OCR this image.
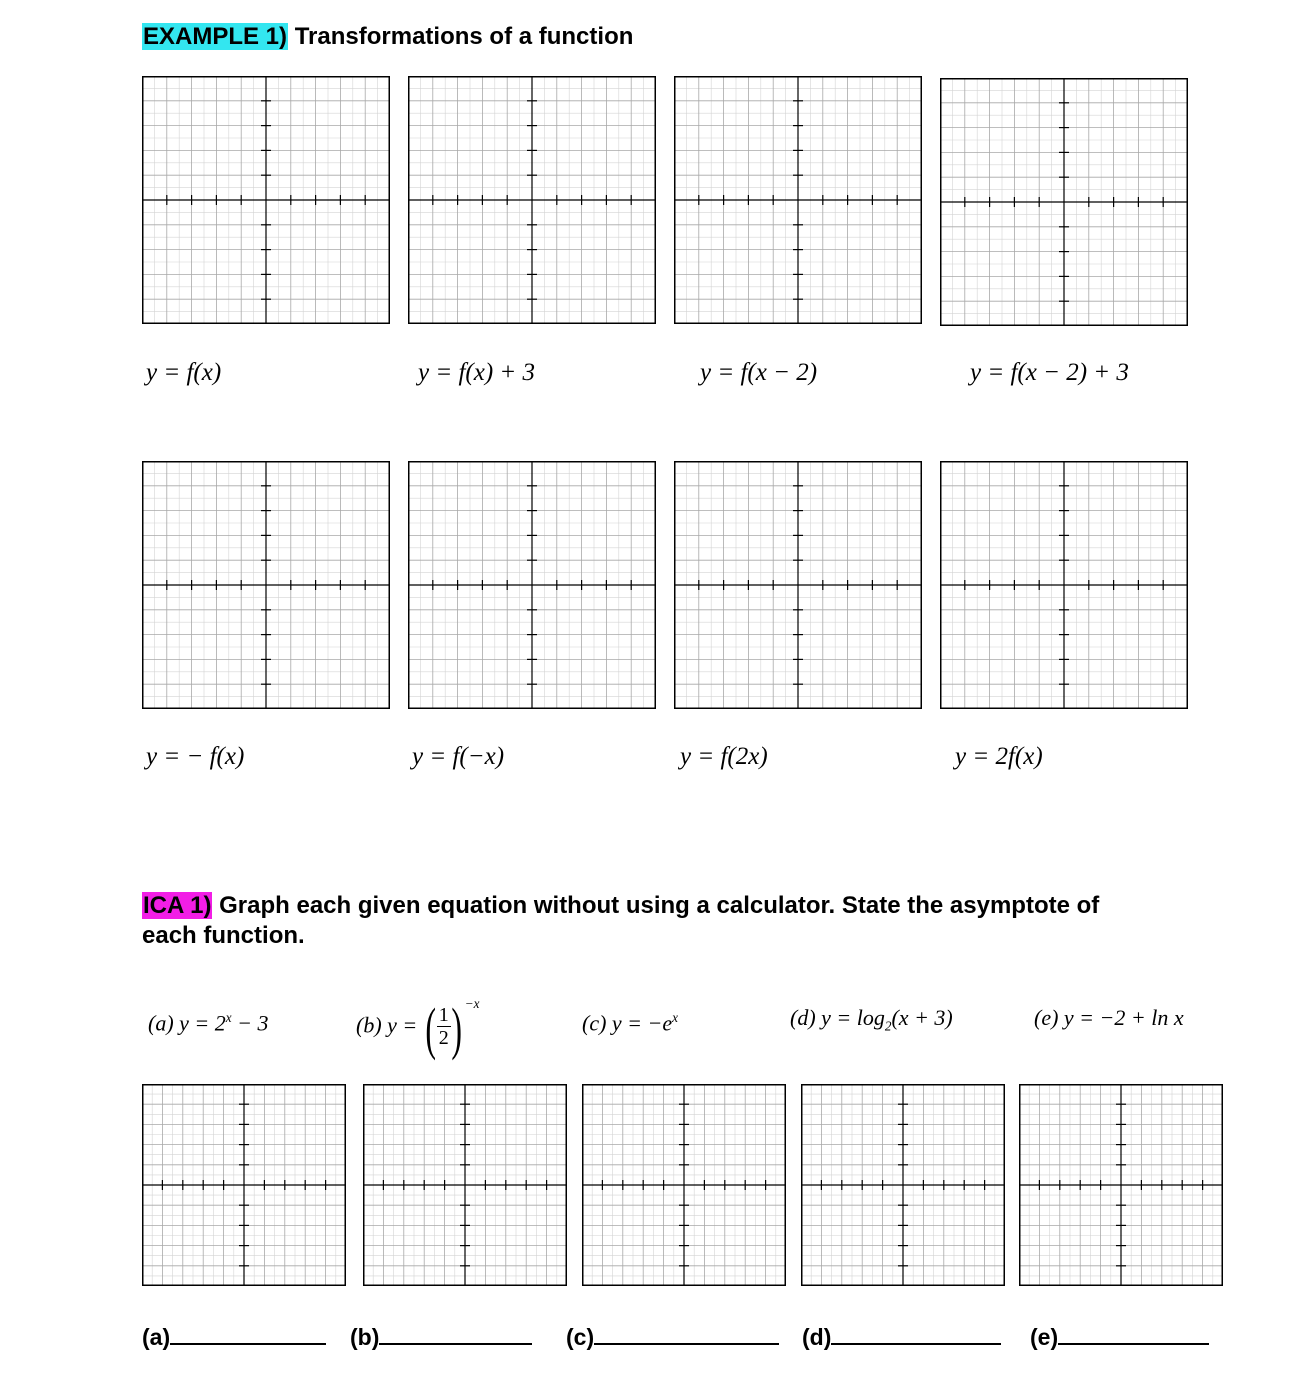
EXAMPLE 1) Transformations of a function
y = f(x)	y = f(x) + 3	y = f(x − 2)	y = f(x − 2) + 3
y = − f(x)	y = f(−x)	y = f(2x)	y = 2f(x)
ICA 1) Graph each given equation without using a calculator. State the asymptote of
each function.
(a) $y = 2^x - 3$	(b) y = (
$\frac{1}{2}$
) $^{-x}$
(c) $y = -e^x$	(d) $y = \log_2(x + 3)$	(e) y = −2 + ln x
(a)	(b)	(c)	(d)	(e)
